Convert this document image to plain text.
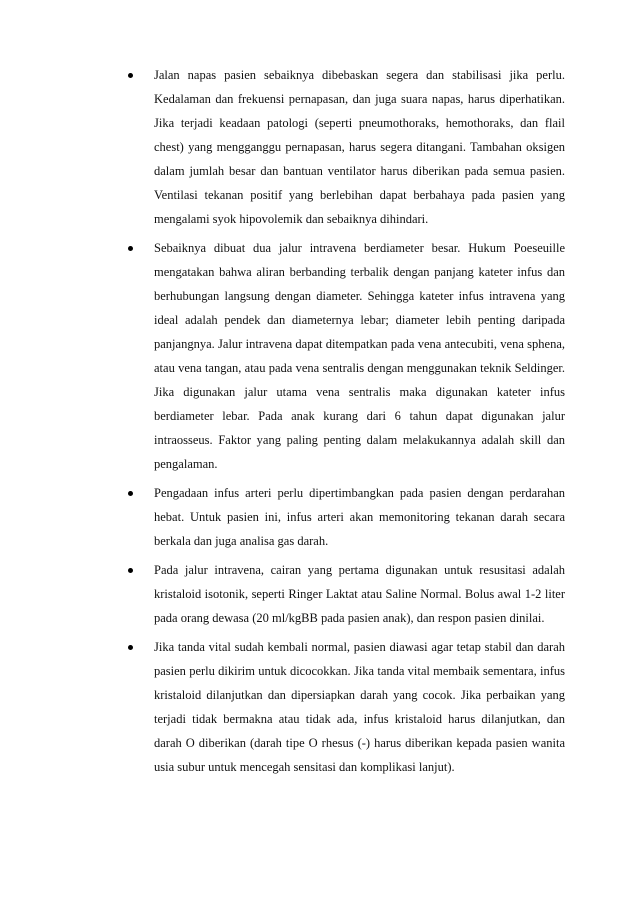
Jalan napas pasien sebaiknya dibebaskan segera dan stabilisasi jika perlu. Kedalaman dan frekuensi pernapasan, dan juga suara napas, harus diperhatikan. Jika terjadi keadaan patologi (seperti pneumothoraks, hemothoraks, dan flail chest) yang mengganggu pernapasan, harus segera ditangani. Tambahan oksigen dalam jumlah besar dan bantuan ventilator harus diberikan pada semua pasien. Ventilasi tekanan positif yang berlebihan dapat berbahaya pada pasien yang mengalami syok hipovolemik dan sebaiknya dihindari.

Sebaiknya dibuat dua jalur intravena berdiameter besar. Hukum Poeseuille mengatakan bahwa aliran berbanding terbalik dengan panjang kateter infus dan berhubungan langsung dengan diameter. Sehingga kateter infus intravena yang ideal adalah pendek dan diameternya lebar; diameter lebih penting daripada panjangnya. Jalur intravena dapat ditempatkan pada vena antecubiti, vena sphena, atau vena tangan, atau pada vena sentralis dengan menggunakan teknik Seldinger. Jika digunakan jalur utama vena sentralis maka digunakan kateter infus berdiameter lebar. Pada anak kurang dari 6 tahun dapat digunakan jalur intraosseus. Faktor yang paling penting dalam melakukannya adalah skill dan pengalaman.

Pengadaan infus arteri perlu dipertimbangkan pada pasien dengan perdarahan hebat. Untuk pasien ini, infus arteri akan memonitoring tekanan darah secara berkala dan juga analisa gas darah.

Pada jalur intravena, cairan yang pertama digunakan untuk resusitasi adalah kristaloid isotonik, seperti Ringer Laktat atau Saline Normal. Bolus awal 1-2 liter pada orang dewasa (20 ml/kgBB pada pasien anak), dan respon pasien dinilai.

Jika tanda vital sudah kembali normal, pasien diawasi agar tetap stabil dan darah pasien perlu dikirim untuk dicocokkan. Jika tanda vital membaik sementara, infus kristaloid dilanjutkan dan dipersiapkan darah yang cocok. Jika perbaikan yang terjadi tidak bermakna atau tidak ada, infus kristaloid harus dilanjutkan, dan darah O diberikan (darah tipe O rhesus (-) harus diberikan kepada pasien wanita usia subur untuk mencegah sensitasi dan komplikasi lanjut).
